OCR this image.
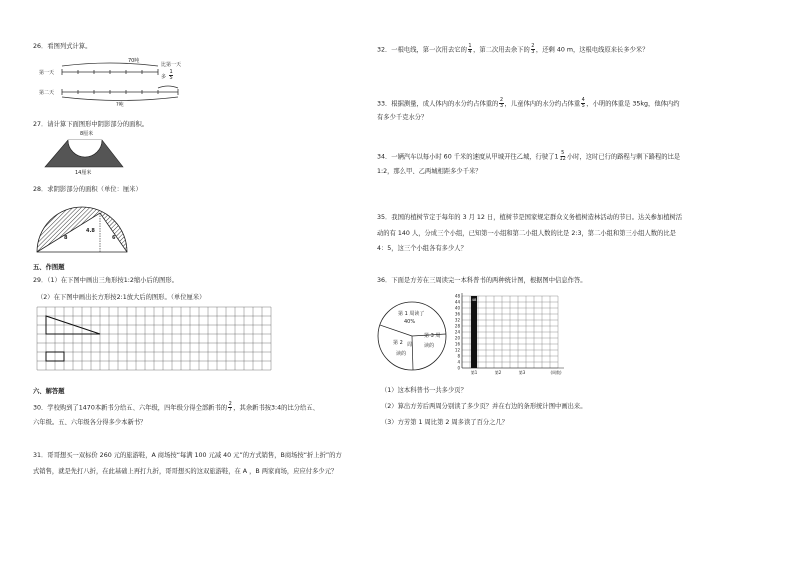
26．看图列式计算。
70吨
第一天
第二天
比第一天
多 $\frac{1}{5}$
?吨
27．请计算下面图形中阴影部分的面积。
8厘米
14厘米
28．求阴影部分的面积（单位：厘米）
4.8
8	6
五、作图题
29．（1）在下图中画出三角形按1:2缩小后的图形。
（2）在下图中画出长方形按2:1放大后的图形。（单位厘米）
六、解答题
30．学校购到了1470本新书分给五、六年级，四年级分得全部新书的 $\frac{2}{7}$ ，其余新书按3:4的比分给五、
六年级。五、六年级各分得多少本新书？
31．哥哥想买一双标价 260 元的旅游鞋，A 商场按“每满 100 元减 40 元”的方式销售，B商场按“折上折”的方
式销售，就是先打八折，在此基础上再打九折，哥哥想买的这双旅游鞋，在 A ，B 两家商场，应应付多少元？
32．一根电线，第一次用去它的 $\frac{1}{4}$ ，第二次用去余下的 $\frac{2}{3}$ ，还剩 40 m，这根电线原来长多少米？
33．根据测量，成人体内的水分约占体重的 $\frac{2}{3}$ ，儿童体内的水分约占体重 $\frac{4}{5}$ ，小明的体重是 35kg，他体内约
有多少千克水分？
34．一辆汽车以每小时 60 千米的速度从甲城开往乙城，行驶了$1 \frac{5}{12}$ 小时，这时已行的路程与剩下路程的比是
1:2，那么甲、乙两城相距多少千米？
35．我国的植树节定于每年的 3 月 12 日，植树节是国家规定群众义务植树造林活动的节日。达关参加植树活
动的有 140 人，分成三个小组，已知第一小组和第二小组人数的比是 2:3，第二小组和第三小组人数的比是
4：5，这三个小组各有多少人？
36．下面是方芳在三周读完一本科普书的两种统计图，根据图中信息作答。
第 1 周读了
40%
第 3 周
读的
第 2 周
读的
0
4
8
12
16
20
24
28
32
36
40
44
48
48
第1	第2	第3	(周数)
（1）这本科普书一共多少页？
（2）算出方芳后两周分别读了多少页？并在右边的条形统计图中画出来。
（3）方芳第 1 周比第 2 周多读了百分之几？
